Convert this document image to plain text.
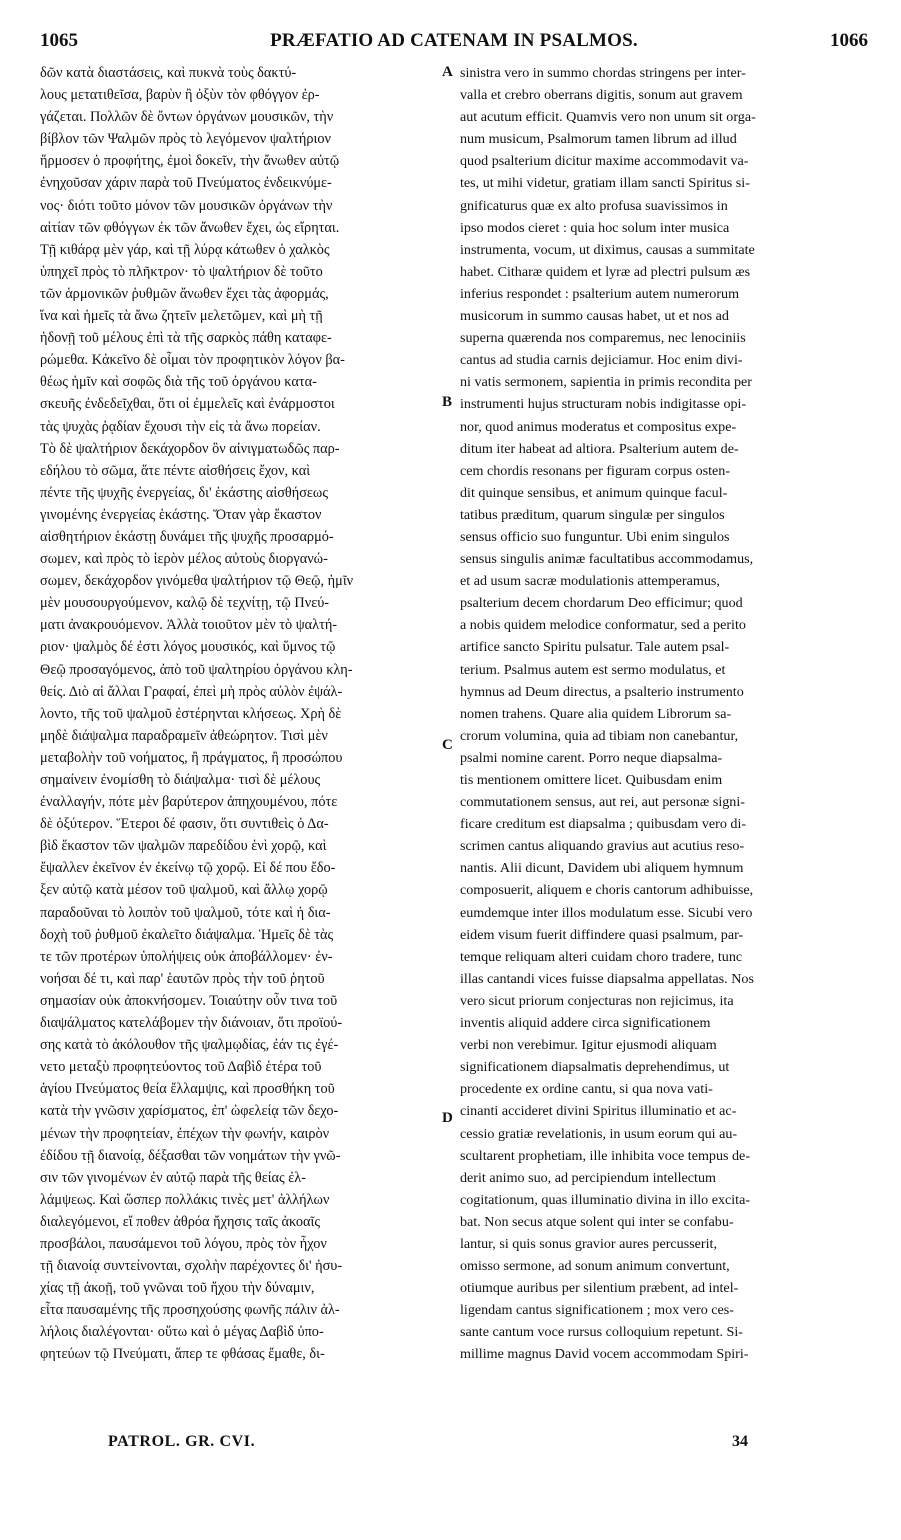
1065	PRÆFATIO AD CATENAM IN PSALMOS.	1066
δῶν κατὰ διαστάσεις, καὶ πυκνὰ τοὺς δακτύ-
λους μετατιθεῖσα, βαρὺν ἢ ὀξὺν τὸν φθόγγον ἐρ-
γάζεται. Πολλῶν δὲ ὄντων ὀργάνων μουσικῶν, τὴν
βίβλον τῶν Ψαλμῶν πρὸς τὸ λεγόμενον ψαλτήριον
ἥρμοσεν ὁ προφήτης, ἐμοὶ δοκεῖν, τὴν ἄνωθεν αὐτῷ
ἐνηχοῦσαν χάριν παρὰ τοῦ Πνεύματος ἐνδεικνύμε-
νος· διότι τοῦτο μόνον τῶν μουσικῶν ὀργάνων τὴν
αἰτίαν τῶν φθόγγων ἐκ τῶν ἄνωθεν ἔχει, ὡς εἴρηται.
Τῇ κιθάρᾳ μὲν γάρ, καὶ τῇ λύρᾳ κάτωθεν ὁ χαλκὸς
ὑπηχεῖ πρὸς τὸ πλῆκτρον· τὸ ψαλτήριον δὲ τοῦτο
τῶν ἁρμονικῶν ῥυθμῶν ἄνωθεν ἔχει τὰς ἀφορμάς,
ἵνα καὶ ἡμεῖς τὰ ἄνω ζητεῖν μελετῶμεν, καὶ μὴ τῇ
ἡδονῇ τοῦ μέλους ἐπὶ τὰ τῆς σαρκὸς πάθη καταφε-
ρώμεθα. Κἀκεῖνο δὲ οἶμαι τὸν προφητικὸν λόγον βα-
θέως ἡμῖν καὶ σοφῶς διὰ τῆς τοῦ ὀργάνου κατα-
σκευῆς ἐνδεδεῖχθαι, ὅτι οἱ ἐμμελεῖς καὶ ἐνάρμοστοι
τὰς ψυχὰς ῥᾳδίαν ἔχουσι τὴν εἰς τὰ ἄνω πορείαν.
Τὸ δὲ ψαλτήριον δεκάχορδον ὃν αἰνιγματωδῶς παρ-
εδήλου τὸ σῶμα, ἅτε πέντε αἰσθήσεις ἔχον, καὶ
πέντε τῆς ψυχῆς ἐνεργείας, δι' ἑκάστης αἰσθήσεως
γινομένης ἐνεργείας ἑκάστης. Ὅταν γὰρ ἕκαστον
αἰσθητήριον ἑκάστῃ δυνάμει τῆς ψυχῆς προσαρμό-
σωμεν, καὶ πρὸς τὸ ἱερὸν μέλος αὐτοὺς διοργανώ-
σωμεν, δεκάχορδον γινόμεθα ψαλτήριον τῷ Θεῷ, ἡμῖν
μὲν μουσουργούμενον, καλῷ δὲ τεχνίτῃ, τῷ Πνεύ-
ματι ἀνακρουόμενον. Ἀλλὰ τοιοῦτον μὲν τὸ ψαλτή-
ριον· ψαλμὸς δέ ἐστι λόγος μουσικός, καὶ ὕμνος τῷ
Θεῷ προσαγόμενος, ἀπὸ τοῦ ψαλτηρίου ὀργάνου κλη-
θείς. Διὸ αἱ ἄλλαι Γραφαί, ἐπεὶ μὴ πρὸς αὐλὸν ἐψάλ-
λοντο, τῆς τοῦ ψαλμοῦ ἐστέρηνται κλήσεως. Χρὴ δὲ
μηδὲ διάψαλμα παραδραμεῖν ἀθεώρητον. Τισὶ μὲν
μεταβολὴν τοῦ νοήματος, ἢ πράγματος, ἢ προσώπου
σημαίνειν ἐνομίσθη τὸ διάψαλμα· τισὶ δὲ μέλους
ἐναλλαγήν, πότε μὲν βαρύτερον ἀπηχουμένου, πότε
δὲ ὀξύτερον. Ἕτεροι δέ φασιν, ὅτι συντιθεὶς ὁ Δα-
βὶδ ἕκαστον τῶν ψαλμῶν παρεδίδου ἑνὶ χορῷ, καὶ
ἔψαλλεν ἐκεῖνον ἐν ἐκείνῳ τῷ χορῷ. Εἰ δέ που ἔδο-
ξεν αὐτῷ κατὰ μέσον τοῦ ψαλμοῦ, καὶ ἄλλῳ χορῷ
παραδοῦναι τὸ λοιπὸν τοῦ ψαλμοῦ, τότε καὶ ἡ δια-
δοχὴ τοῦ ῥυθμοῦ ἐκαλεῖτο διάψαλμα. Ἡμεῖς δὲ τὰς
τε τῶν προτέρων ὑπολήψεις οὐκ ἀποβάλλομεν· ἐν-
νοήσαι δέ τι, καὶ παρ' ἑαυτῶν πρὸς τὴν τοῦ ῥητοῦ
σημασίαν οὐκ ἀποκνήσομεν. Τοιαύτην οὖν τινα τοῦ
διαψάλματος κατελάβομεν τὴν διάνοιαν, ὅτι προϊού-
σης κατὰ τὸ ἀκόλουθον τῆς ψαλμῳδίας, ἐάν τις ἐγέ-
νετο μεταξὺ προφητεύοντος τοῦ Δαβὶδ ἑτέρα τοῦ
ἁγίου Πνεύματος θεία ἔλλαμψις, καὶ προσθήκη τοῦ
κατὰ τὴν γνῶσιν χαρίσματος, ἐπ' ὠφελείᾳ τῶν δεχο-
μένων τὴν προφητείαν, ἐπέχων τὴν φωνήν, καιρὸν
ἐδίδου τῇ διανοίᾳ, δέξασθαι τῶν νοημάτων τὴν γνῶ-
σιν τῶν γινομένων ἐν αὐτῷ παρὰ τῆς θείας ἐλ-
λάμψεως. Καὶ ὥσπερ πολλάκις τινὲς μετ' ἀλλήλων
διαλεγόμενοι, εἴ ποθεν ἀθρόα ἤχησις ταῖς ἀκοαῖς
προσβάλοι, παυσάμενοι τοῦ λόγου, πρὸς τὸν ἦχον
τῇ διανοίᾳ συντείνονται, σχολὴν παρέχοντες δι' ἡσυ-
χίας τῇ ἀκοῇ, τοῦ γνῶναι τοῦ ἤχου τὴν δύναμιν,
εἶτα παυσαμένης τῆς προσηχούσης φωνῆς πάλιν ἀλ-
λήλοις διαλέγονται· οὕτω καὶ ὁ μέγας Δαβὶδ ὑπο-
φητεύων τῷ Πνεύματι, ἅπερ τε φθάσας ἔμαθε, δι-
sinistra vero in summo chordas stringens per inter-
valla et crebro oberrans digitis, sonum aut gravem
aut acutum efficit. Quamvis vero non unum sit orga-
num musicum, Psalmorum tamen librum ad illud
quod psalterium dicitur maxime accommodavit va-
tes, ut mihi videtur, gratiam illam sancti Spiritus si-
gnificaturus quæ ex alto profusa suavissimos in
ipso modos cieret : quia hoc solum inter musica
instrumenta, vocum, ut diximus, causas a summitate
habet. Citharæ quidem et lyræ ad plectri pulsum æs
inferius respondet : psalterium autem numerorum
musicorum in summo causas habet, ut et nos ad
superna quærenda nos comparemus, nec lenociniis
cantus ad studia carnis dejiciamur. Hoc enim divi-
ni vatis sermonem, sapientia in primis recondita per
instrumenti hujus structuram nobis indigitasse opi-
nor, quod animus moderatus et compositus expe-
ditum iter habeat ad altiora. Psalterium autem de-
cem chordis resonans per figuram corpus osten-
dit quinque sensibus, et animum quinque facul-
tatibus præditum, quarum singulæ per singulos
sensus officio suo funguntur. Ubi enim singulos
sensus singulis animæ facultatibus accommodamus,
et ad usum sacræ modulationis attemperamus,
psalterium decem chordarum Deo efficimur; quod
a nobis quidem melodice conformatur, sed a perito
artifice sancto Spiritu pulsatur. Tale autem psal-
terium. Psalmus autem est sermo modulatus, et
hymnus ad Deum directus, a psalterio instrumento
nomen trahens. Quare alia quidem Librorum sa-
crorum volumina, quia ad tibiam non canebantur,
psalmi nomine carent. Porro neque diapsalma-
tis mentionem omittere licet. Quibusdam enim
commutationem sensus, aut rei, aut personæ signi-
ficare creditum est diapsalma ; quibusdam vero di-
scrimen cantus aliquando gravius aut acutius reso-
nantis. Alii dicunt, Davidem ubi aliquem hymnum
composuerit, aliquem e choris cantorum adhibuisse,
eumdemque inter illos modulatum esse. Sicubi vero
eidem visum fuerit diffindere quasi psalmum, par-
temque reliquam alteri cuidam choro tradere, tunc
illas cantandi vices fuisse diapsalma appellatas. Nos
vero sicut priorum conjecturas non rejicimus, ita
inventis aliquid addere circa significationem
verbi non verebimur. Igitur ejusmodi aliquam
significationem diapsalmatis deprehendimus, ut
procedente ex ordine cantu, si qua nova vati-
cinanti accideret divini Spiritus illuminatio et ac-
cessio gratiæ revelationis, in usum eorum qui au-
scultarent prophetiam, ille inhibita voce tempus de-
derit animo suo, ad percipiendum intellectum
cogitationum, quas illuminatio divina in illo excita-
bat. Non secus atque solent qui inter se confabu-
lantur, si quis sonus gravior aures percusserit,
omisso sermone, ad sonum animum convertunt,
otiumque auribus per silentium præbent, ad intel-
ligendam cantus significationem ; mox vero ces-
sante cantum voce rursus colloquium repetunt. Si-
millime magnus David vocem accommodam Spiri-
A
B
C
D
PATROL. GR. CVI.	34
